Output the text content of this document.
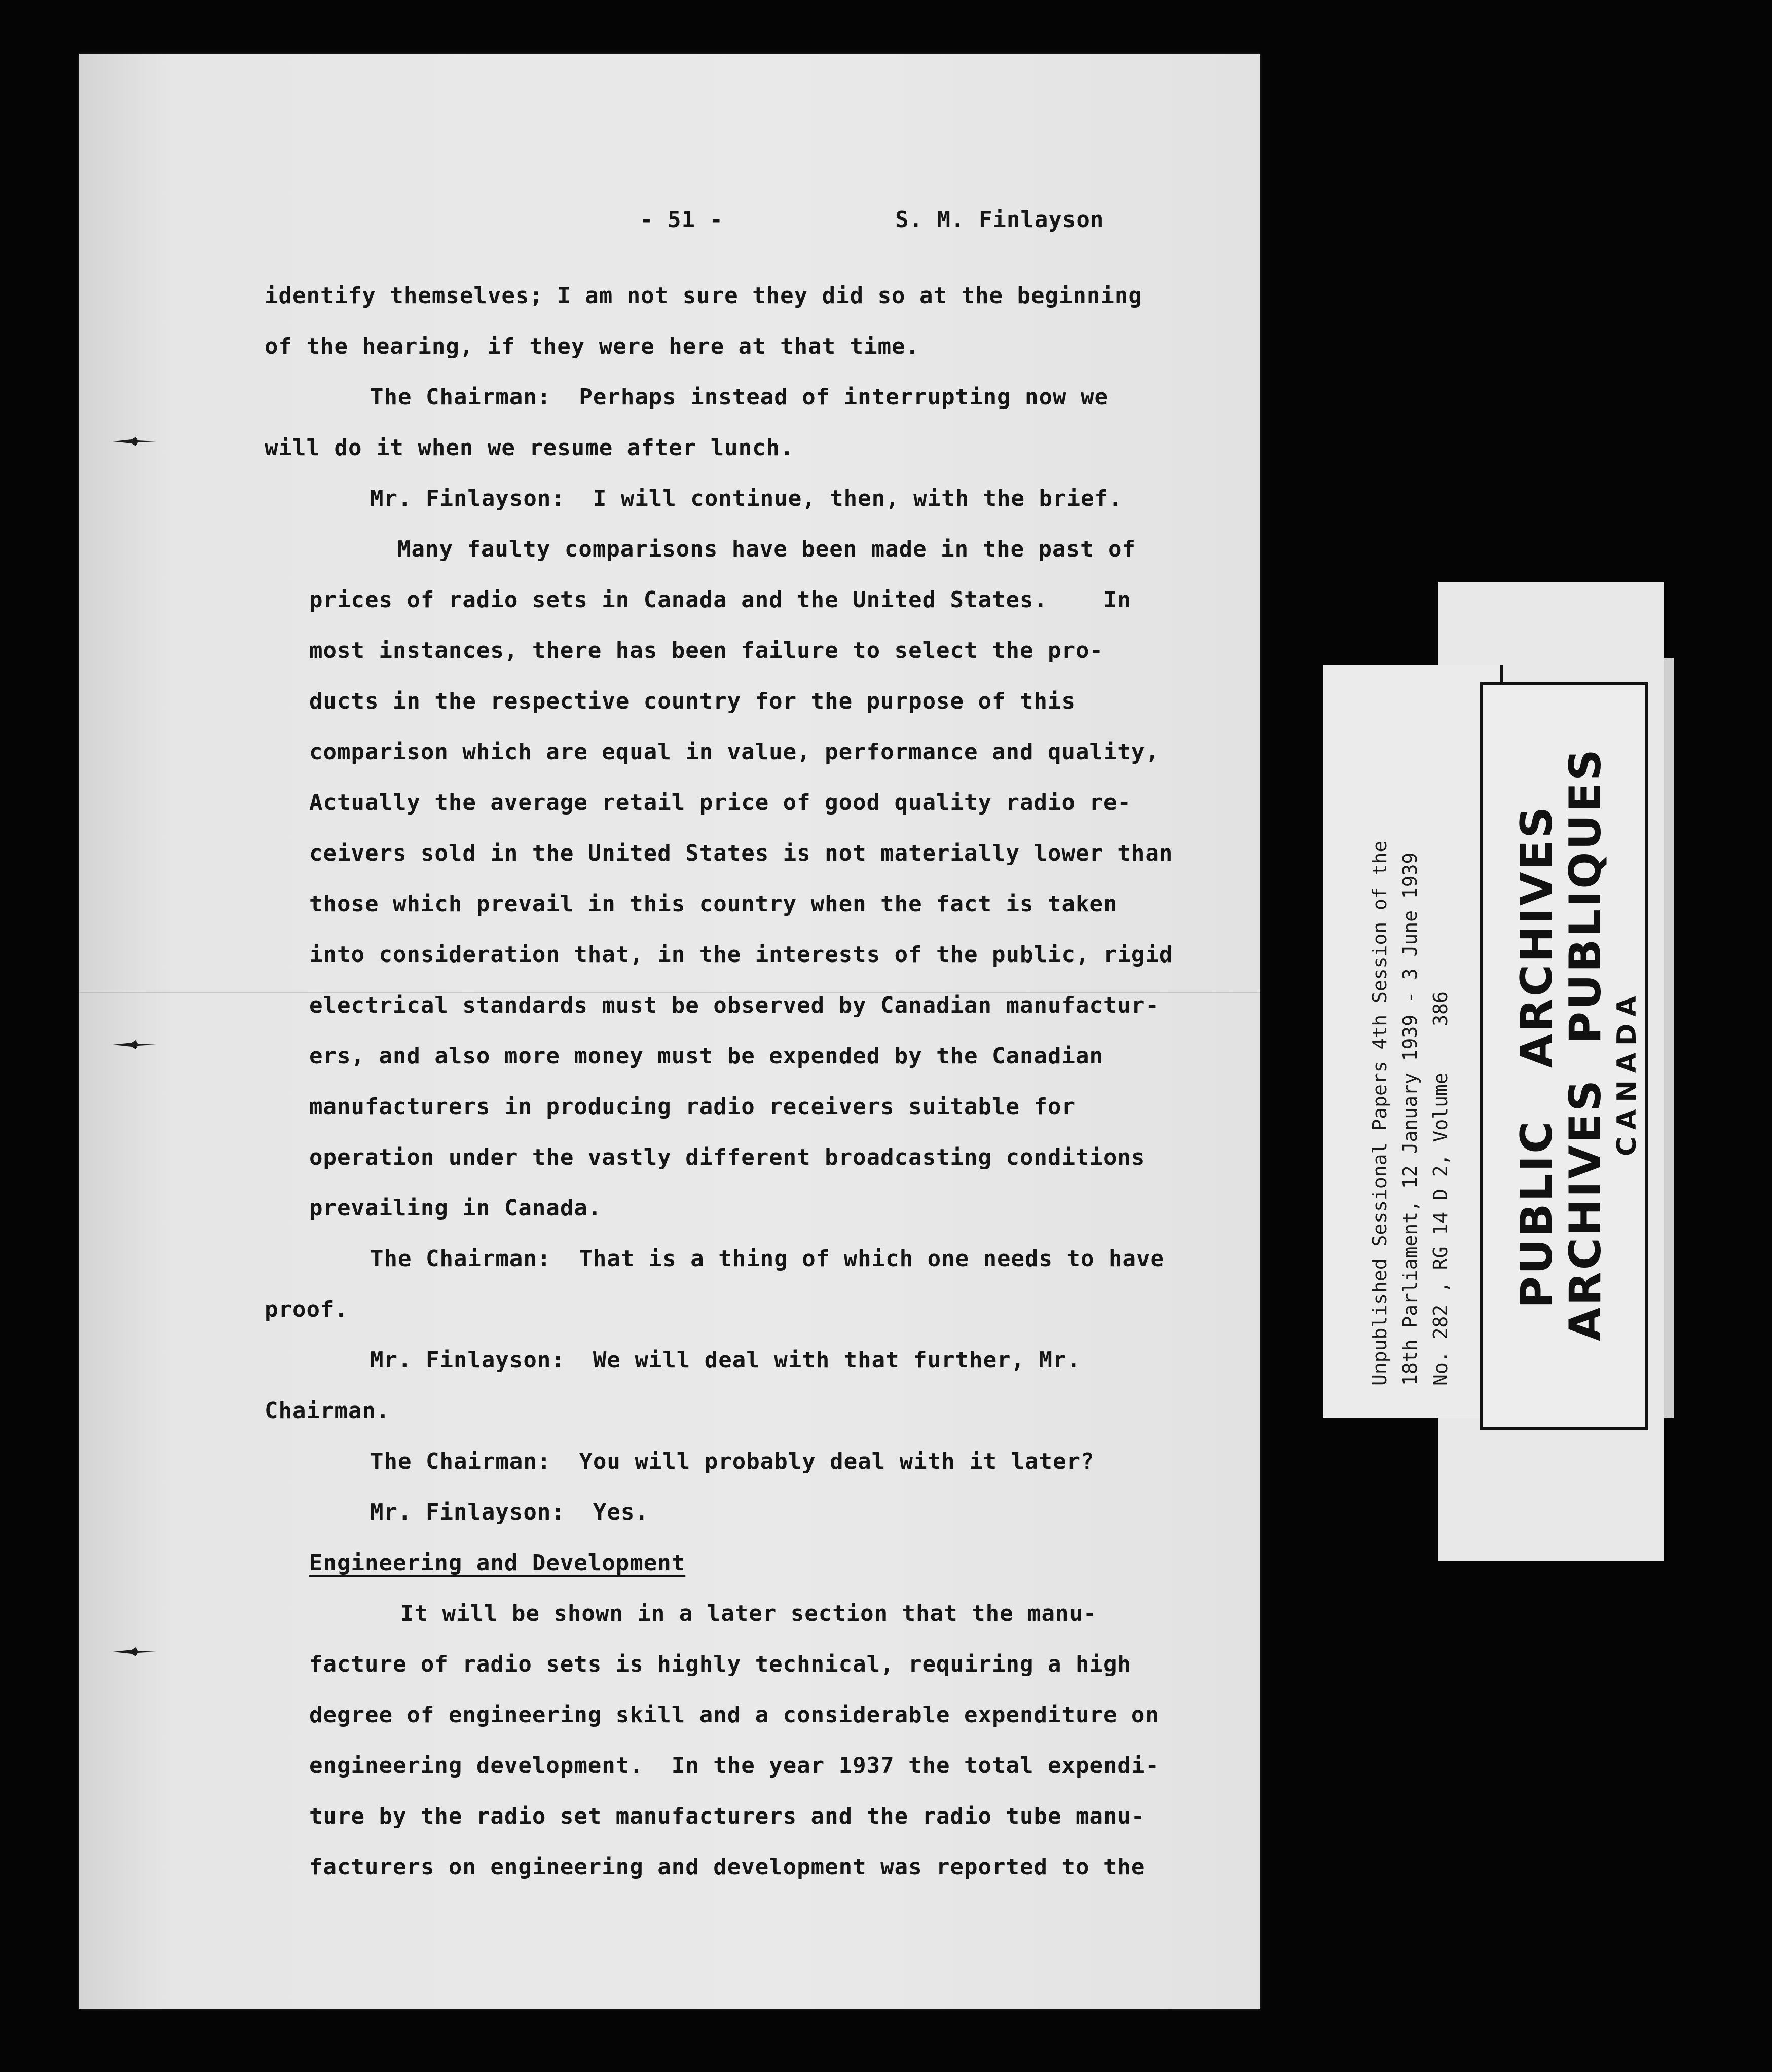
- 51 -	S. M. Finlayson
identify themselves; I am not sure they did so at the beginning
of the hearing, if they were here at that time.
The Chairman:  Perhaps instead of interrupting now we
will do it when we resume after lunch.
Mr. Finlayson:  I will continue, then, with the brief.
Many faulty comparisons have been made in the past of
prices of radio sets in Canada and the United States.    In
most instances, there has been failure to select the pro-
ducts in the respective country for the purpose of this
comparison which are equal in value, performance and quality,
Actually the average retail price of good quality radio re-
ceivers sold in the United States is not materially lower than
those which prevail in this country when the fact is taken
into consideration that, in the interests of the public, rigid
electrical standards must be observed by Canadian manufactur-
ers, and also more money must be expended by the Canadian
manufacturers in producing radio receivers suitable for
operation under the vastly different broadcasting conditions
prevailing in Canada.
The Chairman:  That is a thing of which one needs to have
proof.
Mr. Finlayson:  We will deal with that further, Mr.
Chairman.
The Chairman:  You will probably deal with it later?
Mr. Finlayson:  Yes.
Engineering and Development
It will be shown in a later section that the manu-
facture of radio sets is highly technical, requiring a high
degree of engineering skill and a considerable expenditure on
engineering development.  In the year 1937 the total expendi-
ture by the radio set manufacturers and the radio tube manu-
facturers on engineering and development was reported to the
Unpublished Sessional Papers 4th Session of the 18th Parliament, 12 January 1939 - 3 June 1939 No. 282 , RG 14 D 2, Volume    386 PUBLIC   ARCHIVES
ARCHIVES  PUBLIQUES CANADA
